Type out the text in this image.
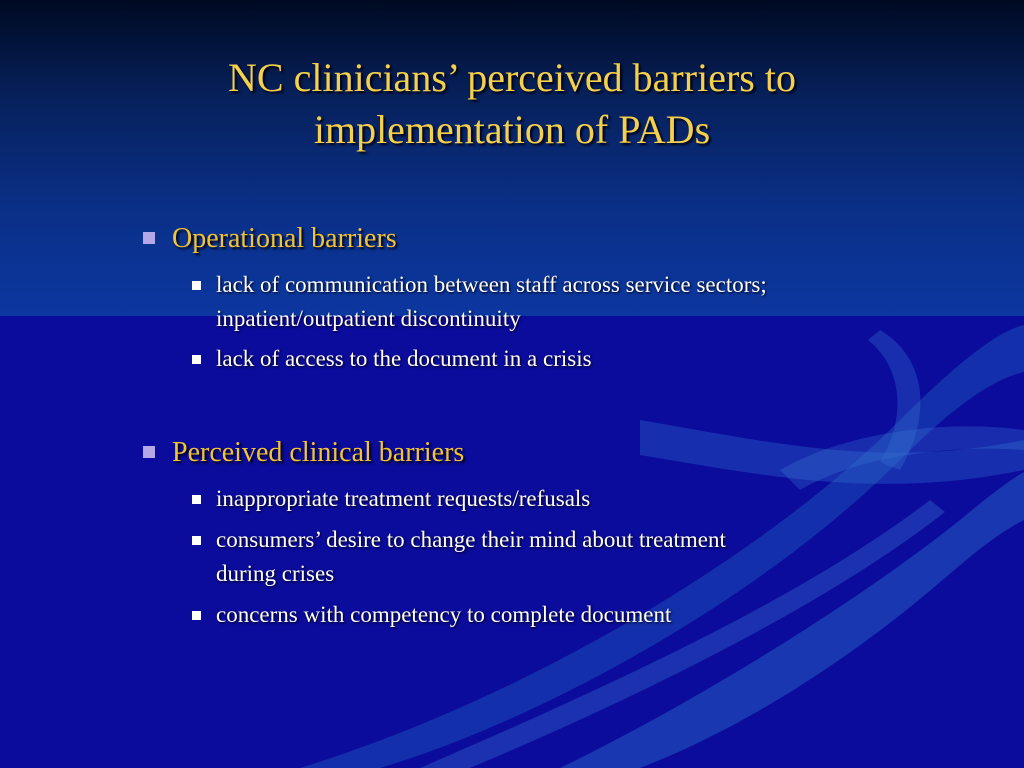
NC clinicians’ perceived barriers to
implementation of PADs

Operational barriers

lack of communication between staff across service sectors;
inpatient/outpatient discontinuity

lack of access to the document in a crisis

Perceived clinical barriers

inappropriate treatment requests/refusals

consumers’ desire to change their mind about treatment
during crises

concerns with competency to complete document
